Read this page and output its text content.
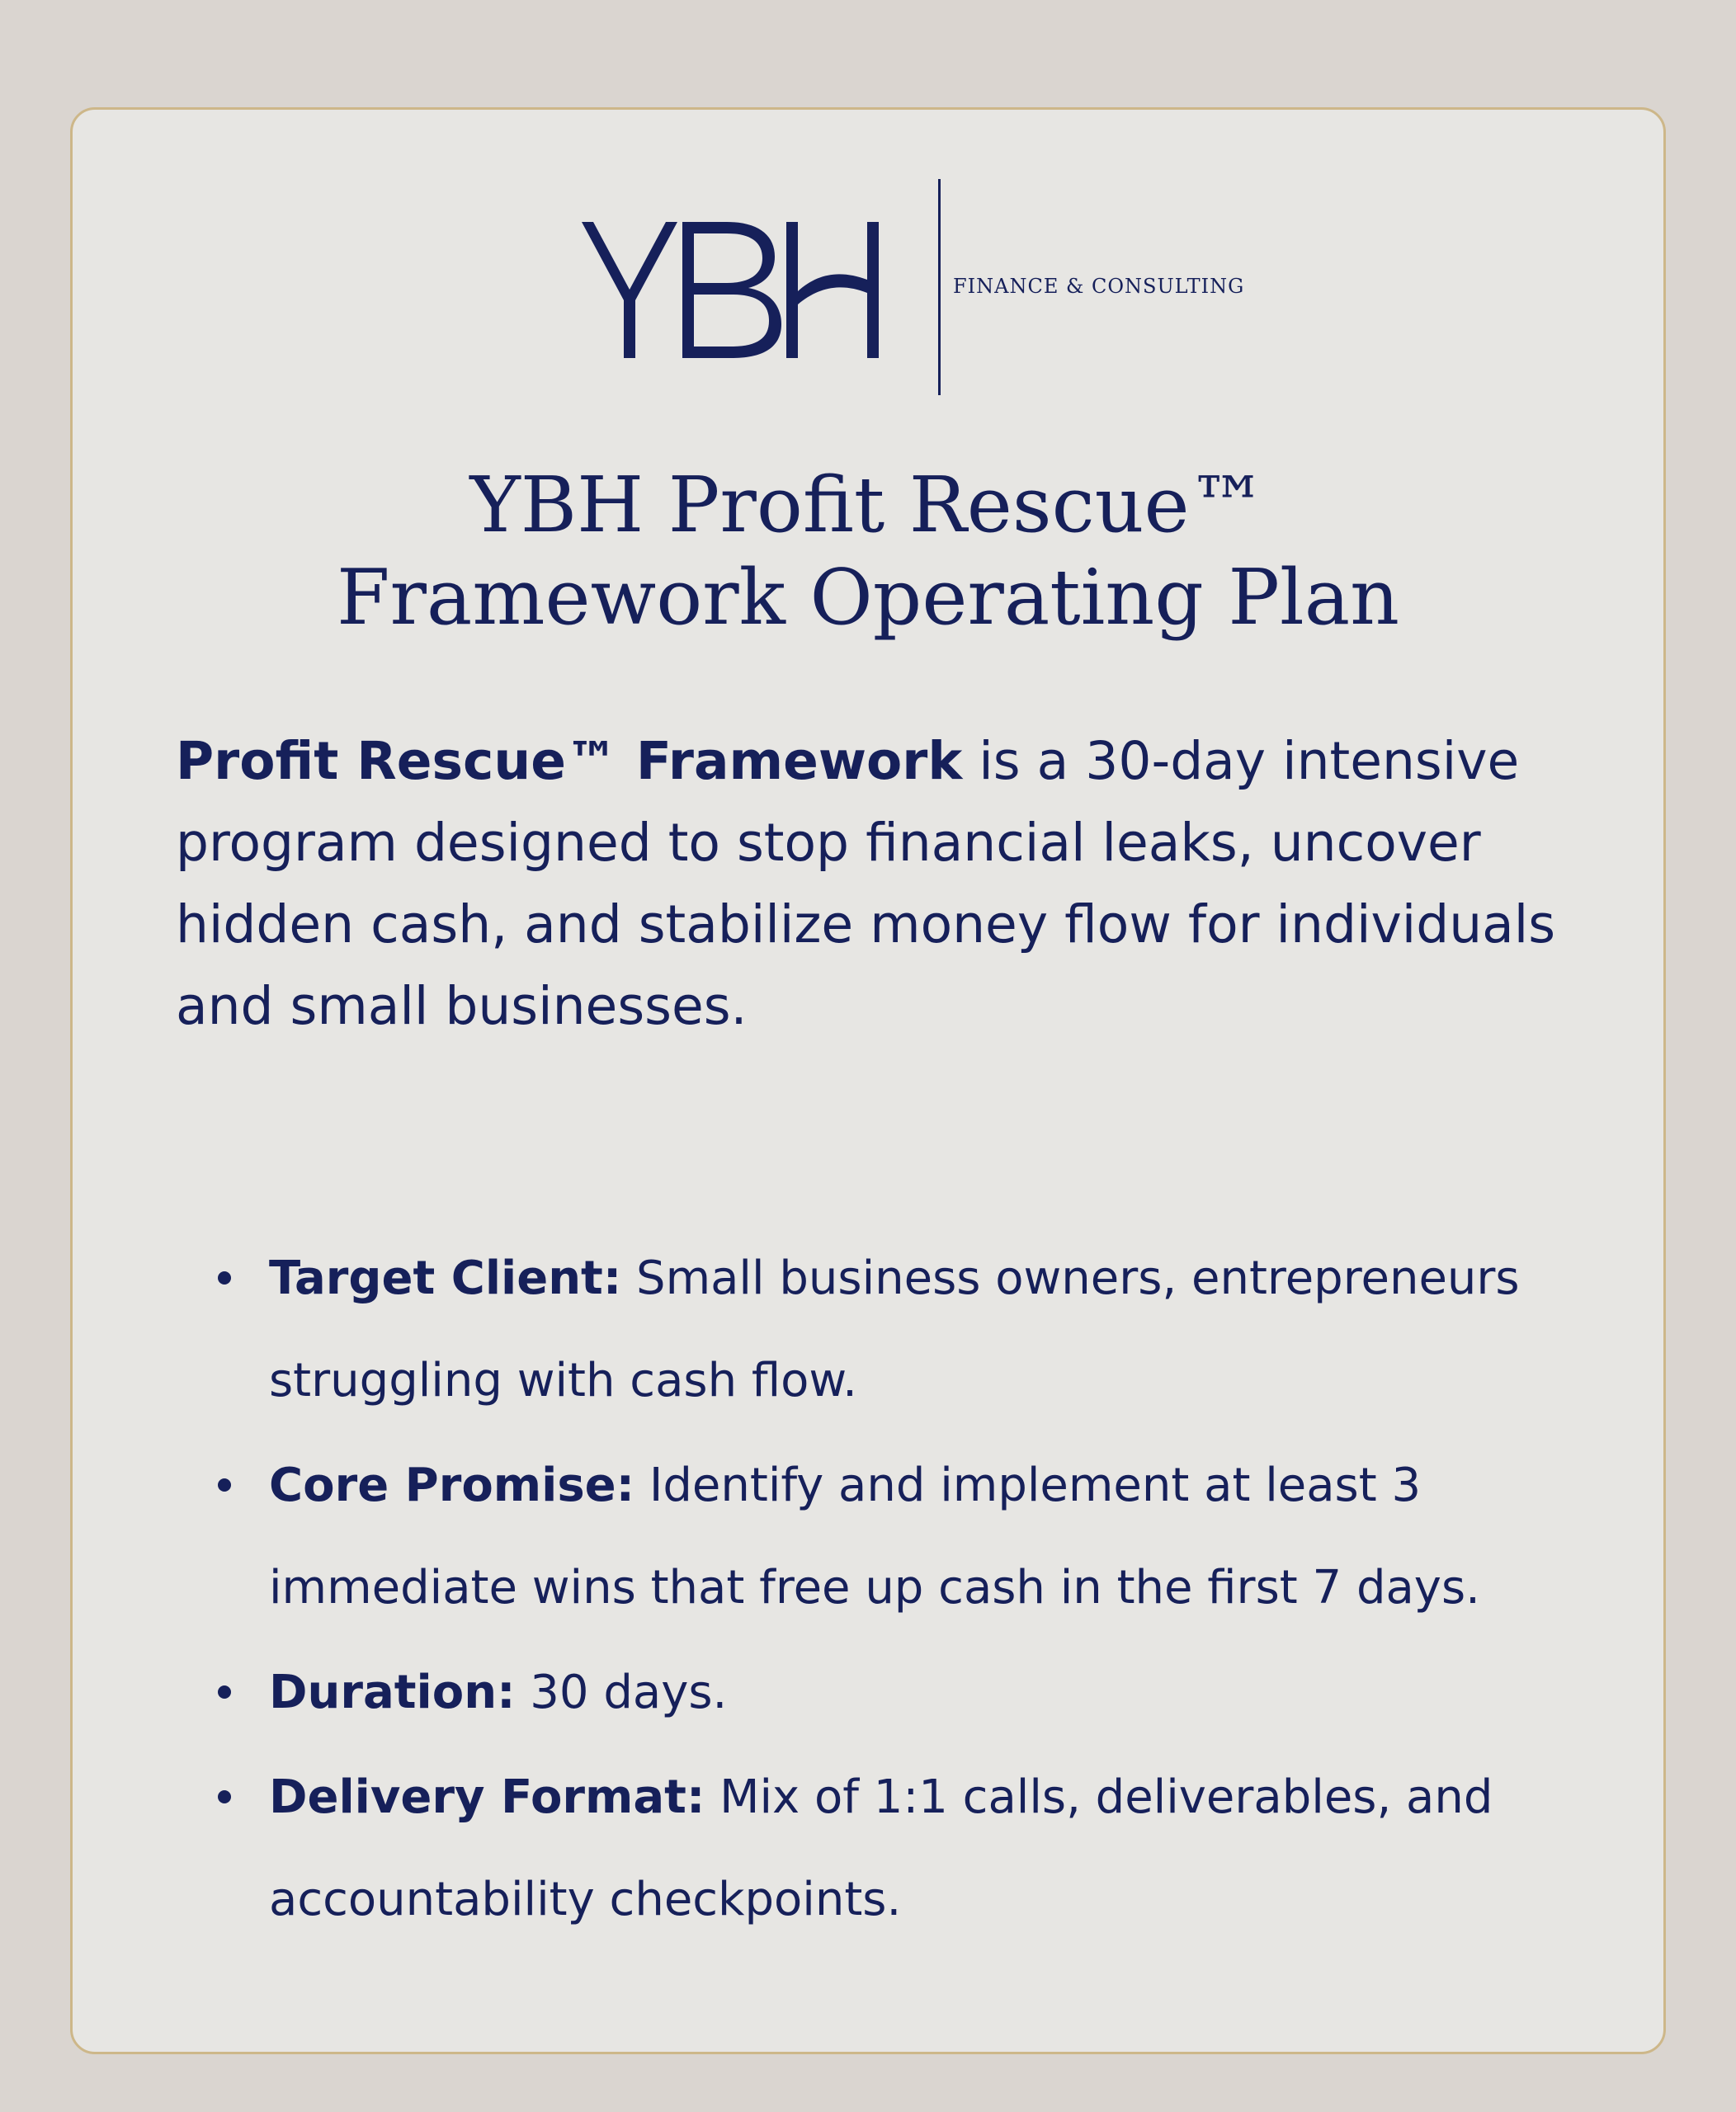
FINANCE & CONSULTING
YBH Profit Rescue™
Framework Operating Plan

Profit Rescue™ Framework is a 30-day intensive program designed to stop financial leaks, uncover hidden cash, and stabilize money flow for individuals and small businesses.

Target Client: Small business owners, entrepreneurs struggling with cash flow.
Core Promise: Identify and implement at least 3 immediate wins that free up cash in the first 7 days.
Duration: 30 days.
Delivery Format: Mix of 1:1 calls, deliverables, and accountability checkpoints.
